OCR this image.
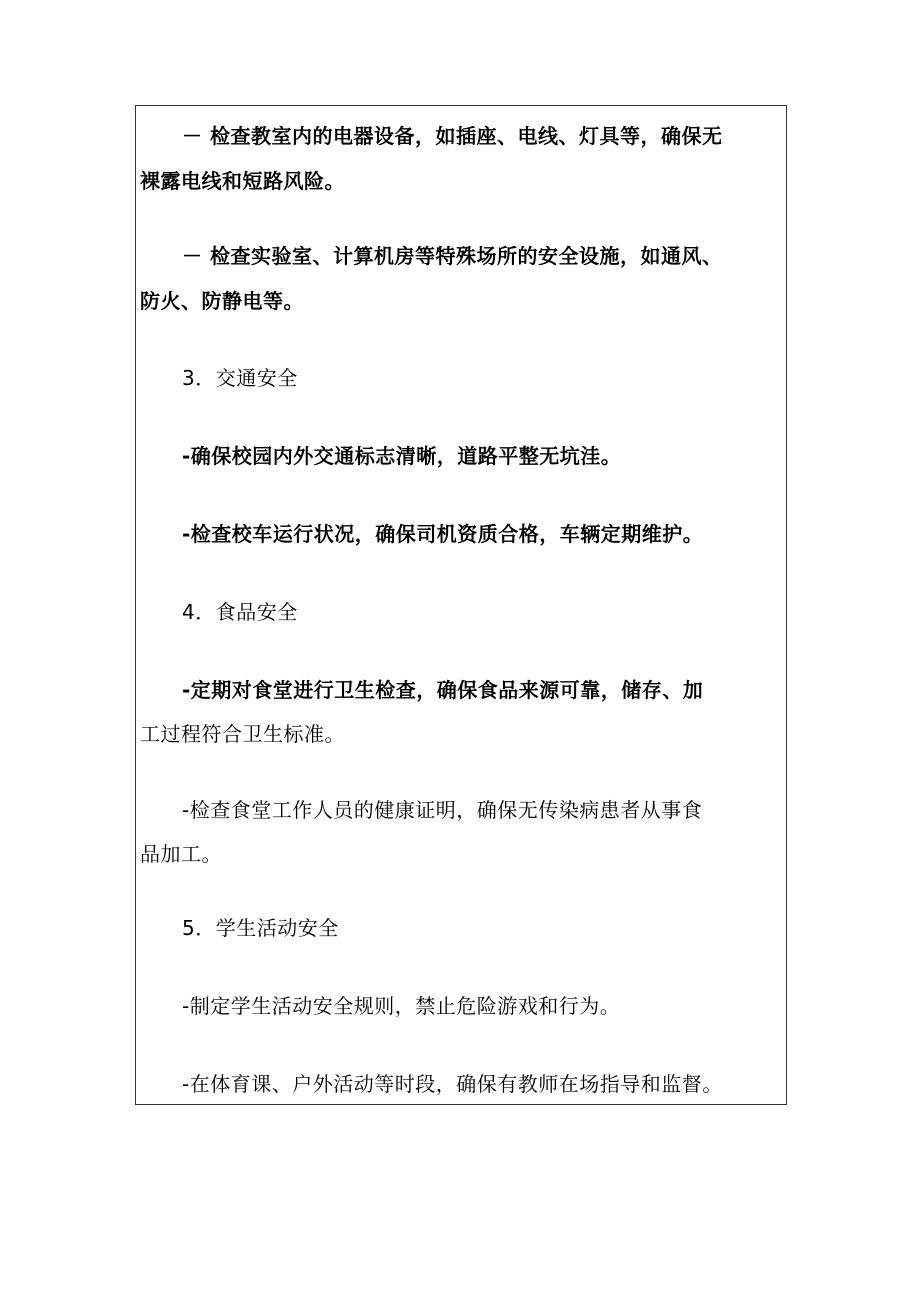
－ 检查教室内的电器设备，如插座、电线、灯具等，确保无
裸露电线和短路风险。
－ 检查实验室、计算机房等特殊场所的安全设施，如通风、
防火、防静电等。
3．交通安全
-确保校园内外交通标志清晰，道路平整无坑洼。
-检查校车运行状况，确保司机资质合格，车辆定期维护。
4．食品安全
-定期对食堂进行卫生检查，确保食品来源可靠，储存、加
工过程符合卫生标准。
-检查食堂工作人员的健康证明，确保无传染病患者从事食
品加工。
5．学生活动安全
-制定学生活动安全规则，禁止危险游戏和行为。
-在体育课、户外活动等时段，确保有教师在场指导和监督。
